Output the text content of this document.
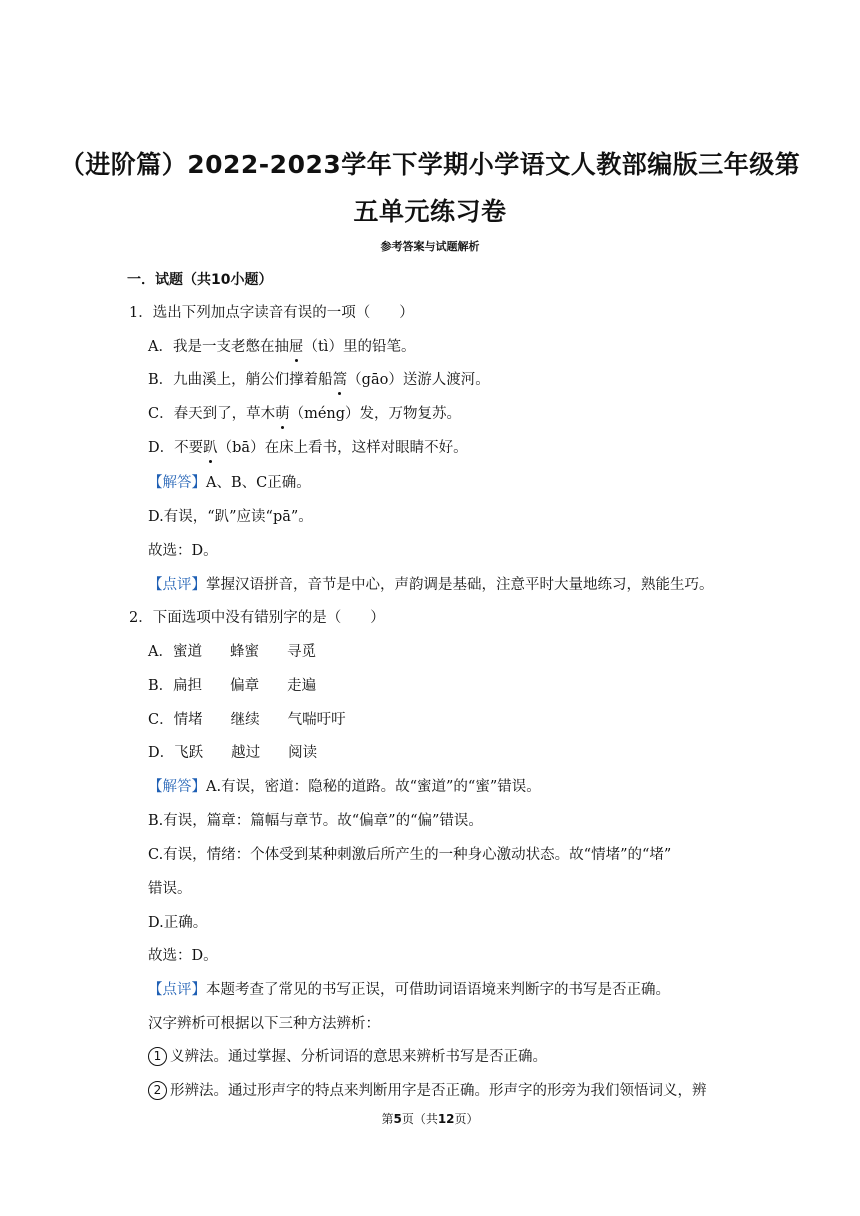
（进阶篇）2022-2023学年下学期小学语文人教部编版三年级第
五单元练习卷
参考答案与试题解析
一．试题（共10小题）
1．选出下列加点字读音有误的一项（　　）
A．我是一支老憋在抽屉（tì）里的铅笔。
B．九曲溪上，艄公们撑着船篙（gāo）送游人渡河。
C．春天到了，草木萌（méng）发，万物复苏。
D．不要趴（bā）在床上看书，这样对眼睛不好。
【解答】A、B、C正确。
D.有误，“趴”应读“pā”。
故选：D。
【点评】掌握汉语拼音，音节是中心，声韵调是基础，注意平时大量地练习，熟能生巧。
2．下面选项中没有错别字的是（　　）
A．蜜道 蜂蜜 寻觅
B．扁担 偏章 走遍
C．情堵 继续 气喘吁吁
D．飞跃 越过 阅读
【解答】A.有误，密道：隐秘的道路。故“蜜道”的“蜜”错误。
B.有误，篇章：篇幅与章节。故“偏章”的“偏”错误。
C.有误，情绪：个体受到某种刺激后所产生的一种身心激动状态。故“情堵”的“堵”
错误。
D.正确。
故选：D。
【点评】本题考查了常见的书写正误，可借助词语语境来判断字的书写是否正确。
汉字辨析可根据以下三种方法辨析：
1 义辨法。通过掌握、分析词语的意思来辨析书写是否正确。
2 形辨法。通过形声字的特点来判断用字是否正确。形声字的形旁为我们领悟词义，辨
第5页（共12页）
